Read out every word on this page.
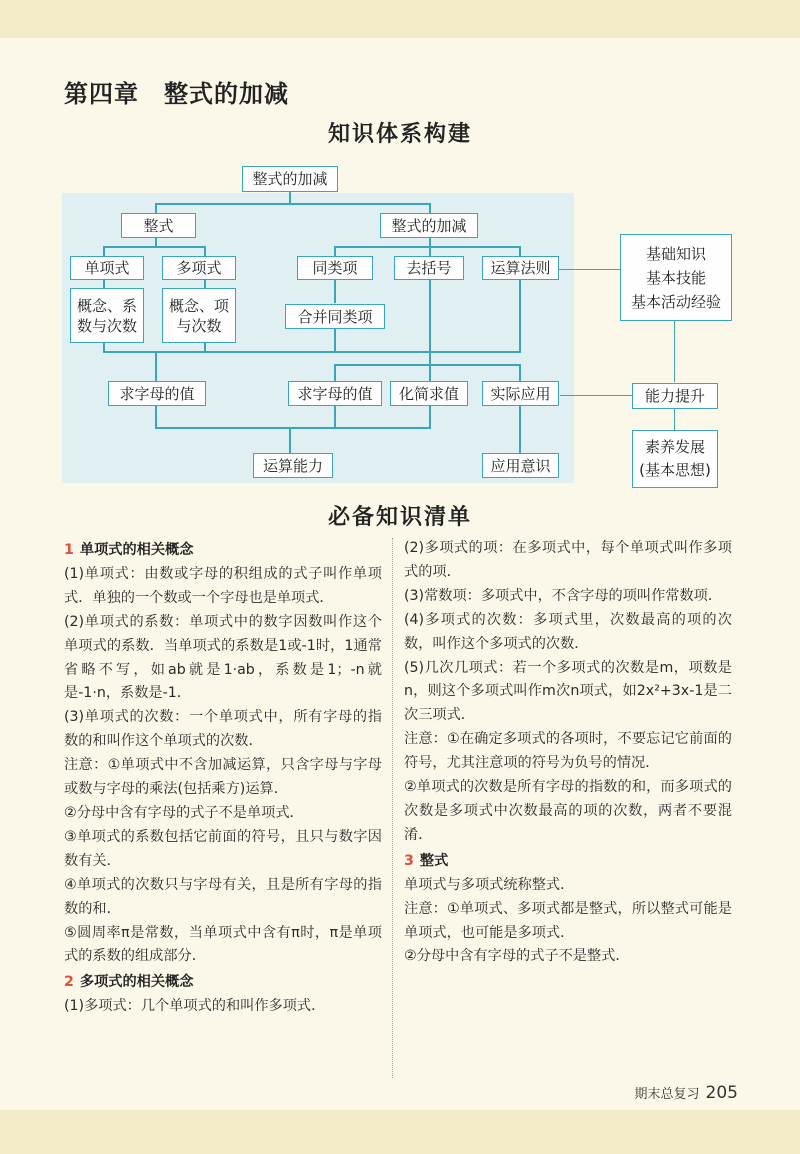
第四章　整式的加减
知识体系构建
整式的加减
整式	整式的加减
单项式	多项式
概念、系
数与次数
概念、项
与次数
同类项	去括号	运算法则
合并同类项
求字母的值	求字母的值	化简求值	实际应用
运算能力	应用意识
基础知识
基本技能
基本活动经验
能力提升
素养发展
(基本思想)
必备知识清单

1 单项式的相关概念

(1)单项式：由数或字母的积组成的式子叫作单项式．单独的一个数或一个字母也是单项式．

(2)单项式的系数：单项式中的数字因数叫作这个单项式的系数．当单项式的系数是1或-1时，1通常省略不写，如ab就是1·ab，系数是1；-n就是-1·n，系数是-1．

(3)单项式的次数：一个单项式中，所有字母的指数的和叫作这个单项式的次数．

注意：①单项式中不含加减运算，只含字母与字母或数与字母的乘法(包括乘方)运算．

②分母中含有字母的式子不是单项式．

③单项式的系数包括它前面的符号，且只与数字因数有关．

④单项式的次数只与字母有关，且是所有字母的指数的和．

⑤圆周率π是常数，当单项式中含有π时，π是单项式的系数的组成部分．

2 多项式的相关概念

(1)多项式：几个单项式的和叫作多项式．

(2)多项式的项：在多项式中，每个单项式叫作多项式的项．

(3)常数项：多项式中，不含字母的项叫作常数项．

(4)多项式的次数：多项式里，次数最高的项的次数，叫作这个多项式的次数．

(5)几次几项式：若一个多项式的次数是m，项数是n，则这个多项式叫作m次n项式，如2x²+3x-1是二次三项式．

注意：①在确定多项式的各项时，不要忘记它前面的符号，尤其注意项的符号为负号的情况．

②单项式的次数是所有字母的指数的和，而多项式的次数是多项式中次数最高的项的次数，两者不要混淆．

3 整式

单项式与多项式统称整式．

注意：①单项式、多项式都是整式，所以整式可能是单项式，也可能是多项式．

②分母中含有字母的式子不是整式．

期末总复习 205
